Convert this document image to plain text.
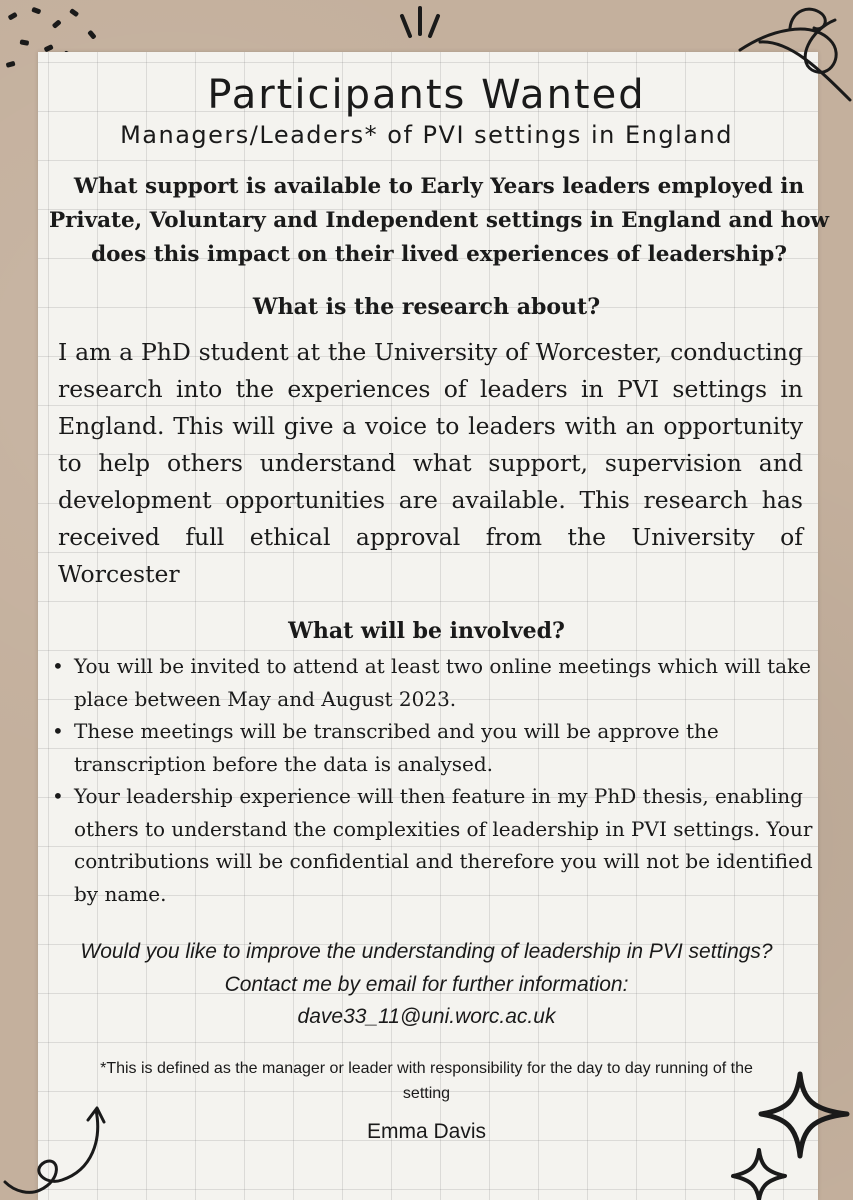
Participants Wanted
Managers/Leaders* of PVI settings in England

What support is available to Early Years leaders employed in Private, Voluntary and Independent settings in England and how does this impact on their lived experiences of leadership?

What is the research about?

I am a PhD student at the University of Worcester, conducting research into the experiences of leaders in PVI settings in England. This will give a voice to leaders with an opportunity to help others understand what support, supervision and development opportunities are available. This research has received full ethical approval from the University of Worcester

What will be involved?
• You will be invited to attend at least two online meetings which will take place between May and August 2023.
• These meetings will be transcribed and you will be approve the transcription before the data is analysed.
• Your leadership experience will then feature in my PhD thesis, enabling others to understand the complexities of leadership in PVI settings. Your contributions will be confidential and therefore you will not be identified by name.
Would you like to improve the understanding of leadership in PVI settings? Contact me by email for further information:
dave33_11@uni.worc.ac.uk

*This is defined as the manager or leader with responsibility for the day to day running of the setting

Emma Davis
